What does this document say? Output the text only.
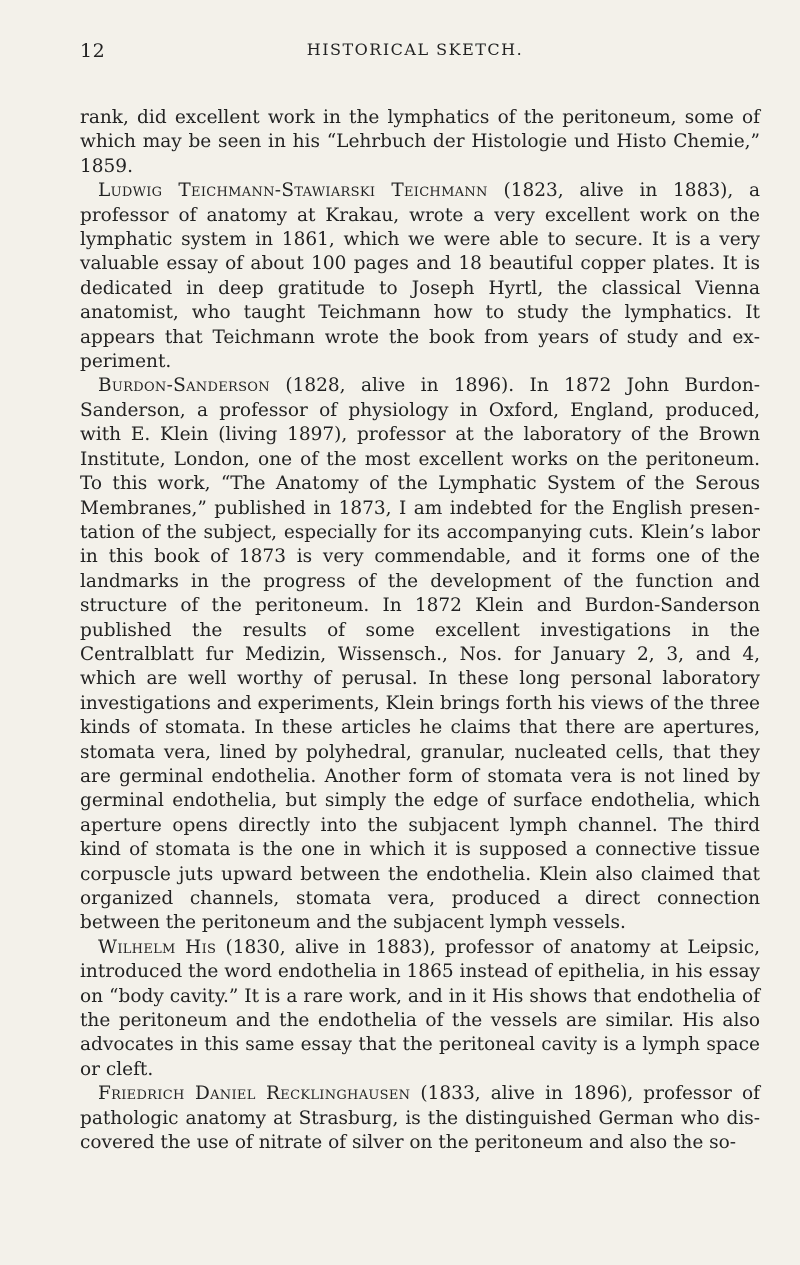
12	HISTORICAL SKETCH.

rank, did excellent work in the lymphatics of the peritoneum, some of which may be seen in his “Lehrbuch der Histologie und Histo Chemie,” 1859.

Ludwig Teichmann-Stawiarski Teichmann (1823, alive in 1883), a professor of anatomy at Krakau, wrote a very excellent work on the lymphatic system in 1861, which we were able to secure. It is a very valuable essay of about 100 pages and 18 beautiful copper plates. It is dedicated in deep gratitude to Joseph Hyrtl, the classical Vienna anatomist, who taught Teichmann how to study the lymphatics. It appears that Teichmann wrote the book from years of study and experiment.

Burdon-Sanderson (1828, alive in 1896). In 1872 John Burdon-Sanderson, a professor of physiology in Oxford, England, produced, with E. Klein (living 1897), professor at the laboratory of the Brown Institute, London, one of the most excellent works on the peritoneum. To this work, “The Anatomy of the Lymphatic System of the Serous Membranes,” published in 1873, I am indebted for the English presentation of the subject, especially for its accompanying cuts. Klein’s labor in this book of 1873 is very commendable, and it forms one of the landmarks in the progress of the development of the function and structure of the peritoneum. In 1872 Klein and Burdon-Sanderson published the results of some excellent investigations in the Centralblatt fur Medizin, Wissensch., Nos. for January 2, 3, and 4, which are well worthy of perusal. In these long personal laboratory investigations and experiments, Klein brings forth his views of the three kinds of stomata. In these articles he claims that there are apertures, stomata vera, lined by polyhedral, granular, nucleated cells, that they are germinal endothelia. Another form of stomata vera is not lined by germinal endothelia, but simply the edge of surface endothelia, which aperture opens directly into the subjacent lymph channel. The third kind of stomata is the one in which it is supposed a connective tissue corpuscle juts upward between the endothelia. Klein also claimed that organized channels, stomata vera, produced a direct connection between the peritoneum and the subjacent lymph vessels.

Wilhelm His (1830, alive in 1883), professor of anatomy at Leipsic, introduced the word endothelia in 1865 instead of epithelia, in his essay on “body cavity.” It is a rare work, and in it His shows that endothelia of the peritoneum and the endothelia of the vessels are similar. His also advocates in this same essay that the peritoneal cavity is a lymph space or cleft.

Friedrich Daniel Recklinghausen (1833, alive in 1896), professor of pathologic anatomy at Strasburg, is the distinguished German who discovered the use of nitrate of silver on the peritoneum and also the so-
